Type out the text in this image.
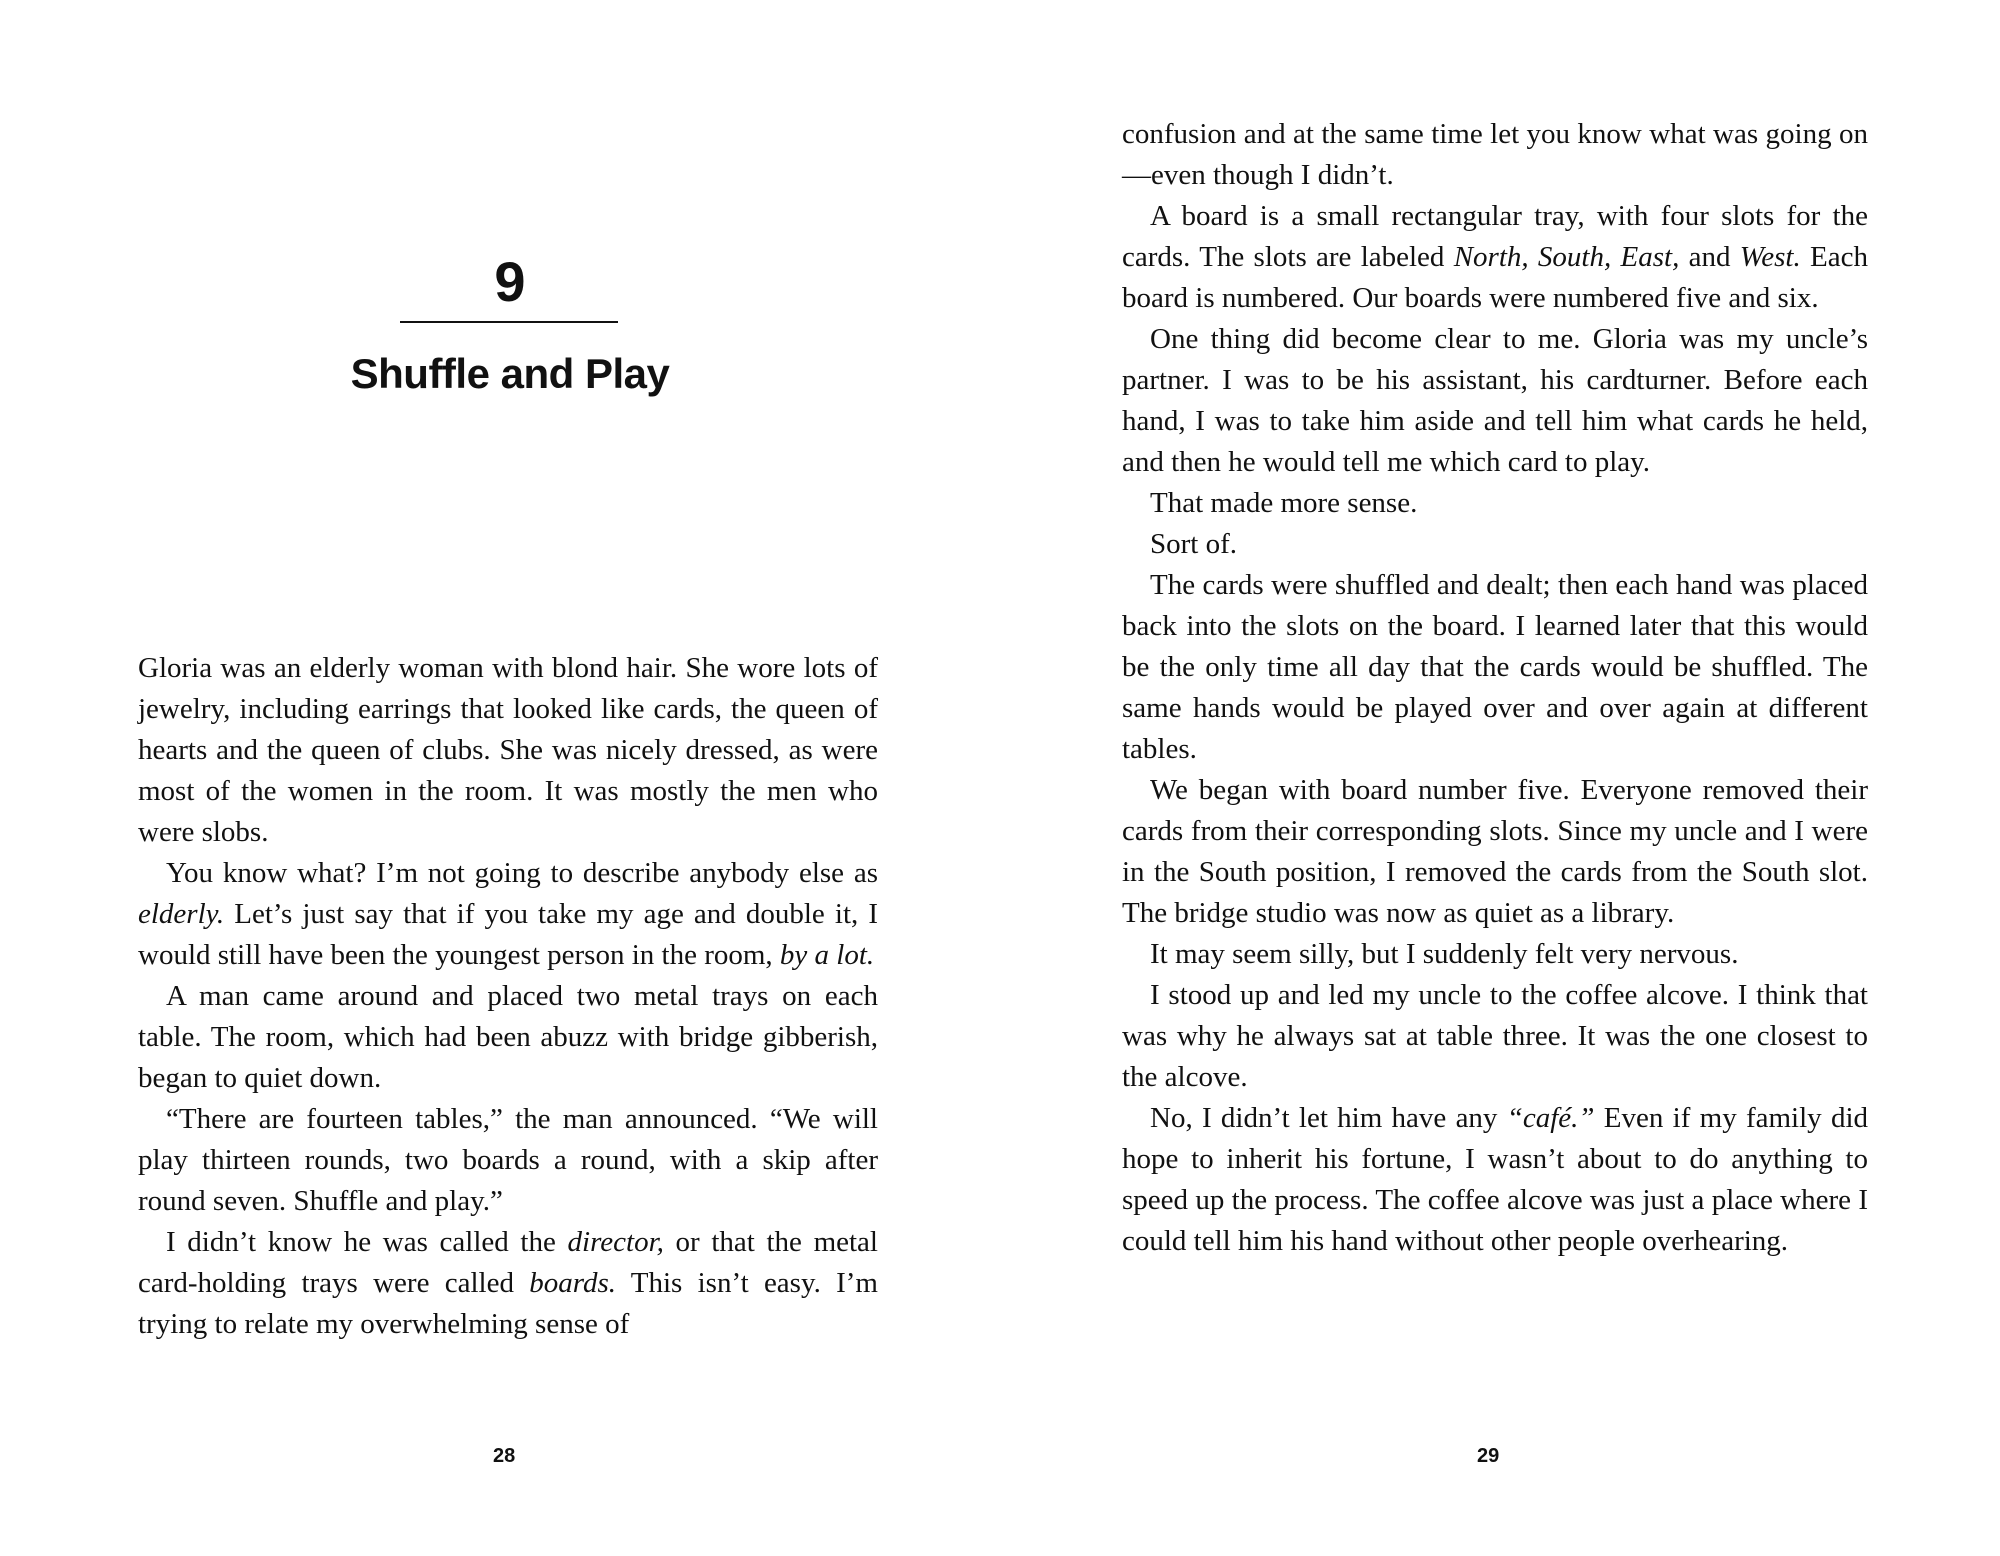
9
Shuffle and Play

Gloria was an elderly woman with blond hair. She wore lots of jewelry, including earrings that looked like cards, the queen of hearts and the queen of clubs. She was nicely dressed, as were most of the women in the room. It was mostly the men who were slobs.

You know what? I’m not going to describe anybody else as elderly. Let’s just say that if you take my age and double it, I would still have been the youngest person in the room, by a lot.

A man came around and placed two metal trays on each table. The room, which had been abuzz with bridge gibberish, began to quiet down.

“There are fourteen tables,” the man announced. “We will play thirteen rounds, two boards a round, with a skip after round seven. Shuffle and play.”

I didn’t know he was called the director, or that the metal card-holding trays were called boards. This isn’t easy. I’m trying to relate my overwhelming sense of

28

confusion and at the same time let you know what was going on—even though I didn’t.

A board is a small rectangular tray, with four slots for the cards. The slots are labeled North, South, East, and West. Each board is numbered. Our boards were numbered five and six.

One thing did become clear to me. Gloria was my uncle’s partner. I was to be his assistant, his cardturner. Before each hand, I was to take him aside and tell him what cards he held, and then he would tell me which card to play.

That made more sense.

Sort of.

The cards were shuffled and dealt; then each hand was placed back into the slots on the board. I learned later that this would be the only time all day that the cards would be shuffled. The same hands would be played over and over again at different tables.

We began with board number five. Everyone removed their cards from their corresponding slots. Since my uncle and I were in the South position, I removed the cards from the South slot. The bridge studio was now as quiet as a library.

It may seem silly, but I suddenly felt very nervous.

I stood up and led my uncle to the coffee alcove. I think that was why he always sat at table three. It was the one closest to the alcove.

No, I didn’t let him have any “café.” Even if my family did hope to inherit his fortune, I wasn’t about to do anything to speed up the process. The coffee alcove was just a place where I could tell him his hand without other people overhearing.

29
